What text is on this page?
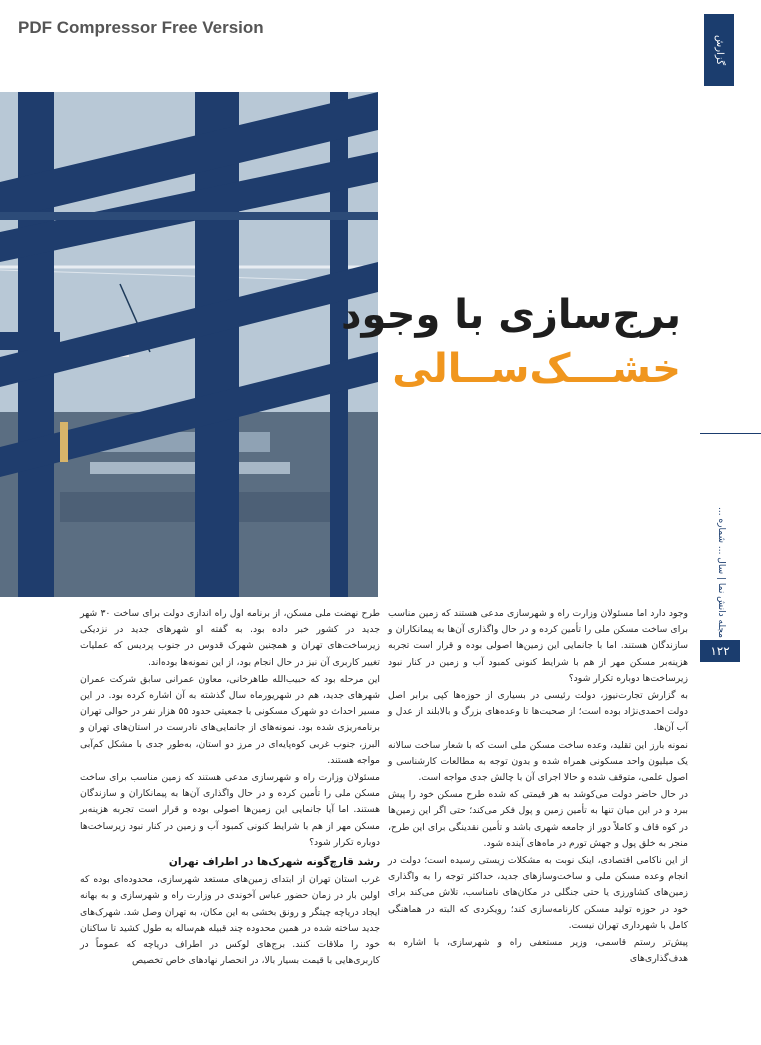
PDF Compressor Free Version
گزارش
برج‌سازی با وجود
خشـــک‌ســالی
مجله دانش نما | سال ... شماره ...
۱۲۲

وجود دارد اما مسئولان وزارت راه و شهرسازی مدعی هستند که زمین مناسب برای ساخت مسکن ملی را تأمین کرده و در حال واگذاری آن‌ها به پیمانکاران و سازندگان هستند. اما با جانمایی این زمین‌ها اصولی بوده و قرار است تجربه هزینه‌بر مسکن مهر از هم با شرایط کنونی کمبود آب و زمین در کنار نبود زیرساخت‌ها دوباره تکرار شود؟

به گزارش تجارت‌نیوز، دولت رئیسی در بسیاری از حوزه‌ها کپی برابر اصل دولت احمدی‌نژاد بوده است؛ از صحبت‌ها تا وعده‌های بزرگ و بالابلند از عدل و آب آن‌ها.

نمونه بارز این تقلید، وعده ساخت مسکن ملی است که با شعار ساخت سالانه یک میلیون واحد مسکونی همراه شده و بدون توجه به مطالعات کارشناسی و اصول علمی، متوقف شده و حالا اجرای آن با چالش جدی مواجه است.

در حال حاضر دولت می‌کوشد به هر قیمتی که شده طرح مسکن خود را پیش ببرد و در این میان تنها به تأمین زمین و پول فکر می‌کند؛ حتی اگر این زمین‌ها در کوه قاف و کاملاً دور از جامعه شهری باشد و تأمین نقدینگی برای این طرح، منجر به خلق پول و جهش تورم در ماه‌های آینده شود.

از این ناکامی اقتصادی، اینک نوبت به مشکلات زیستی رسیده است؛ دولت در انجام وعده مسکن ملی و ساخت‌وسازهای جدید، حداکثر توجه را به واگذاری زمین‌های کشاورزی یا حتی جنگلی در مکان‌های نامناسب، تلاش می‌کند برای خود در حوزه تولید مسکن کارنامه‌سازی کند؛ رویکردی که البته در هماهنگی کامل با شهرداری تهران نیست.

پیش‌تر رستم قاسمی، وزیر مستعفی راه و شهرسازی، با اشاره به هدف‌گذاری‌های

طرح نهضت ملی مسکن، از برنامه اول راه اندازی دولت برای ساخت ۳۰ شهر جدید در کشور خبر داده بود. به گفته او شهرهای جدید در نزدیکی زیرساخت‌های تهران و همچنین شهرک قدوس در جنوب پردیس که عملیات تغییر کاربری آن نیز در حال انجام بود، از این نمونه‌ها بوده‌اند.

این مرحله بود که حبیب‌الله طاهرخانی، معاون عمرانی سابق شرکت عمران شهرهای جدید، هم در شهریورماه سال گذشته به آن اشاره کرده بود. در این مسیر احداث دو شهرک مسکونی با جمعیتی حدود ۵۵ هزار نفر در حوالی تهران برنامه‌ریزی شده بود. نمونه‌های از جانمایی‌های نادرست در استان‌های تهران و البرز، جنوب غربی کوه‌پایه‌ای در مرز دو استان، به‌طور جدی با مشکل کم‌آبی مواجه هستند.

مسئولان وزارت راه و شهرسازی مدعی هستند که زمین مناسب برای ساخت مسکن ملی را تأمین کرده و در حال واگذاری آن‌ها به پیمانکاران و سازندگان هستند. اما آیا جانمایی این زمین‌ها اصولی بوده و قرار است تجربه هزینه‌بر مسکن مهر از هم با شرایط کنونی کمبود آب و زمین در کنار نبود زیرساخت‌ها دوباره تکرار شود؟

رشد قارچ‌گونه شهرک‌ها در اطراف تهران

غرب استان تهران از ابتدای زمین‌های مستعد شهرسازی، محدوده‌ای بوده که اولین بار در زمان حضور عباس آخوندی در وزارت راه و شهرسازی و به بهانه ایجاد دریاچه چیتگر و رونق بخشی به این مکان، به تهران وصل شد. شهرک‌های جدید ساخته شده در همین محدوده چند قبیله هم‌ساله به طول کشید تا ساکنان خود را ملاقات کنند. برج‌های لوکس در اطراف دریاچه که عموماً در کاربری‌هایی با قیمت بسیار بالا، در انحصار نهادهای خاص تخصیص
